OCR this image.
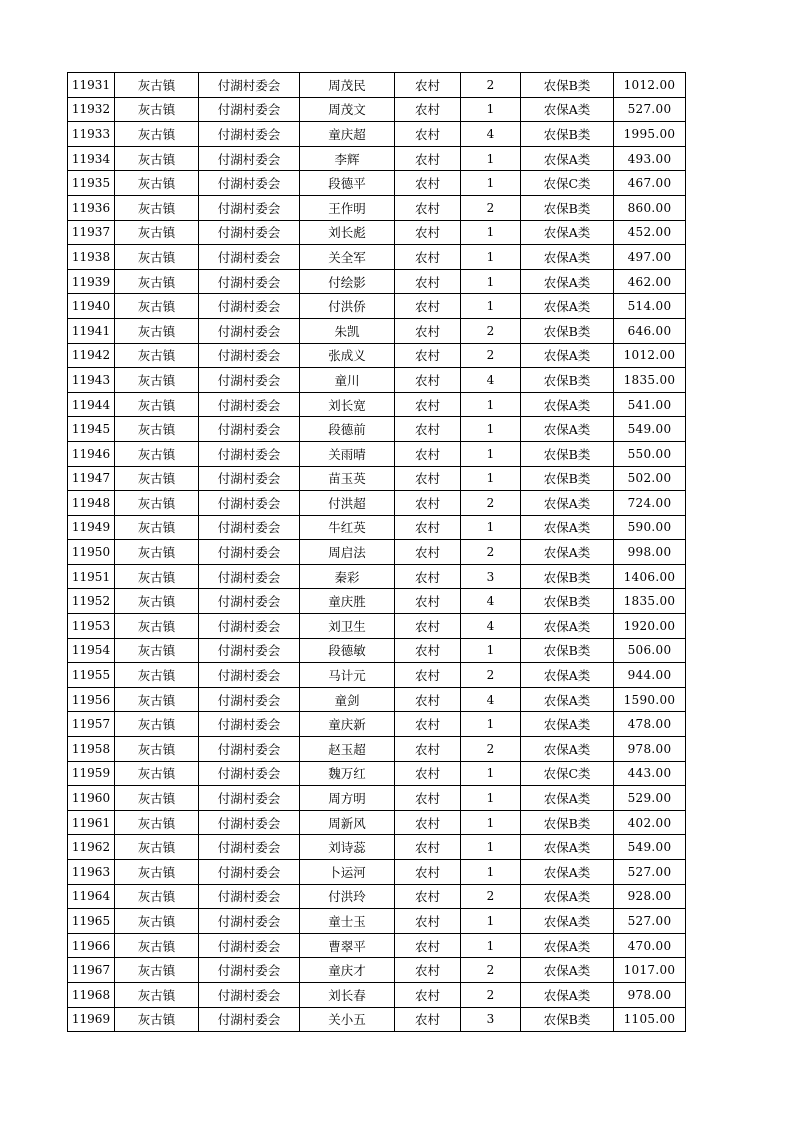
11931	灰古镇	付湖村委会	周茂民	农村	2	农保B类	1012.00
11932	灰古镇	付湖村委会	周茂文	农村	1	农保A类	527.00
11933	灰古镇	付湖村委会	童庆超	农村	4	农保B类	1995.00
11934	灰古镇	付湖村委会	李辉	农村	1	农保A类	493.00
11935	灰古镇	付湖村委会	段德平	农村	1	农保C类	467.00
11936	灰古镇	付湖村委会	王作明	农村	2	农保B类	860.00
11937	灰古镇	付湖村委会	刘长彪	农村	1	农保A类	452.00
11938	灰古镇	付湖村委会	关全军	农村	1	农保A类	497.00
11939	灰古镇	付湖村委会	付绘影	农村	1	农保A类	462.00
11940	灰古镇	付湖村委会	付洪侨	农村	1	农保A类	514.00
11941	灰古镇	付湖村委会	朱凯	农村	2	农保B类	646.00
11942	灰古镇	付湖村委会	张成义	农村	2	农保A类	1012.00
11943	灰古镇	付湖村委会	童川	农村	4	农保B类	1835.00
11944	灰古镇	付湖村委会	刘长宽	农村	1	农保A类	541.00
11945	灰古镇	付湖村委会	段德前	农村	1	农保A类	549.00
11946	灰古镇	付湖村委会	关雨晴	农村	1	农保B类	550.00
11947	灰古镇	付湖村委会	苗玉英	农村	1	农保B类	502.00
11948	灰古镇	付湖村委会	付洪超	农村	2	农保A类	724.00
11949	灰古镇	付湖村委会	牛红英	农村	1	农保A类	590.00
11950	灰古镇	付湖村委会	周启法	农村	2	农保A类	998.00
11951	灰古镇	付湖村委会	秦彩	农村	3	农保B类	1406.00
11952	灰古镇	付湖村委会	童庆胜	农村	4	农保B类	1835.00
11953	灰古镇	付湖村委会	刘卫生	农村	4	农保A类	1920.00
11954	灰古镇	付湖村委会	段德敏	农村	1	农保B类	506.00
11955	灰古镇	付湖村委会	马计元	农村	2	农保A类	944.00
11956	灰古镇	付湖村委会	童剑	农村	4	农保A类	1590.00
11957	灰古镇	付湖村委会	童庆新	农村	1	农保A类	478.00
11958	灰古镇	付湖村委会	赵玉超	农村	2	农保A类	978.00
11959	灰古镇	付湖村委会	魏万红	农村	1	农保C类	443.00
11960	灰古镇	付湖村委会	周方明	农村	1	农保A类	529.00
11961	灰古镇	付湖村委会	周新风	农村	1	农保B类	402.00
11962	灰古镇	付湖村委会	刘诗蕊	农村	1	农保A类	549.00
11963	灰古镇	付湖村委会	卜运河	农村	1	农保A类	527.00
11964	灰古镇	付湖村委会	付洪玲	农村	2	农保A类	928.00
11965	灰古镇	付湖村委会	童士玉	农村	1	农保A类	527.00
11966	灰古镇	付湖村委会	曹翠平	农村	1	农保A类	470.00
11967	灰古镇	付湖村委会	童庆才	农村	2	农保A类	1017.00
11968	灰古镇	付湖村委会	刘长春	农村	2	农保A类	978.00
11969	灰古镇	付湖村委会	关小五	农村	3	农保B类	1105.00
